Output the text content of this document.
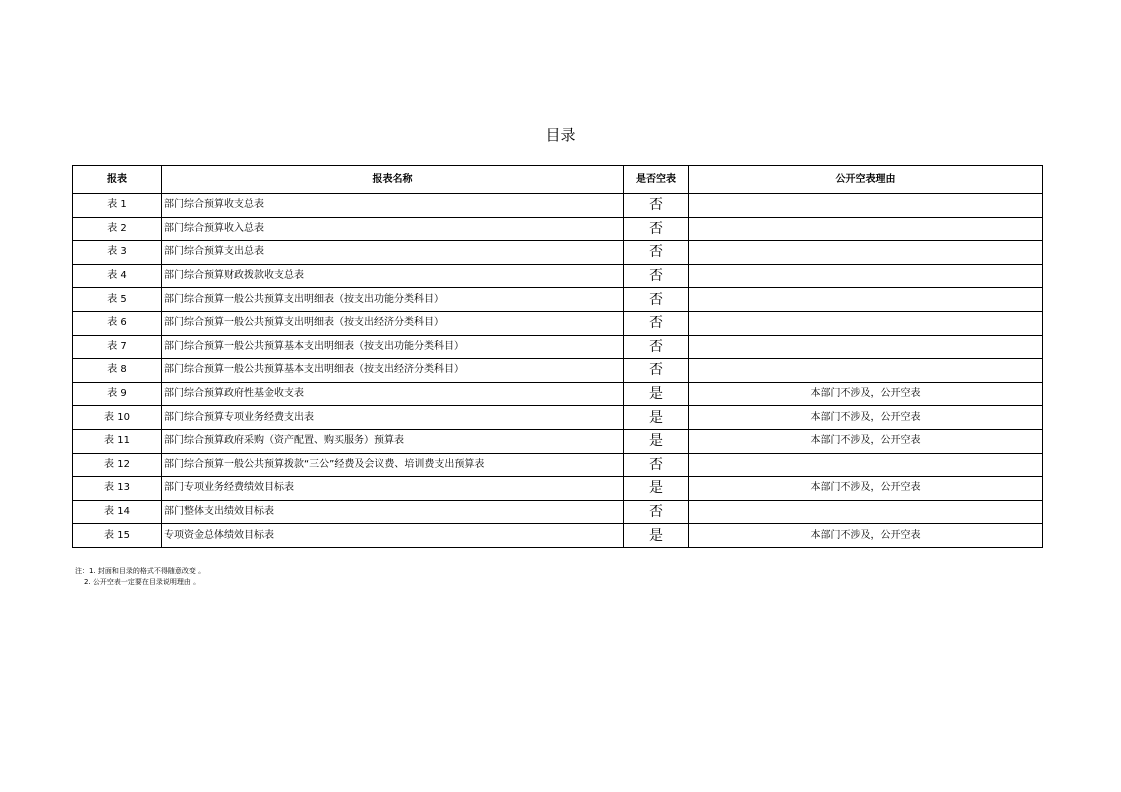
目录
报表	报表名称	是否空表	公开空表理由
表 1	部门综合预算收支总表	否	
表 2	部门综合预算收入总表	否	
表 3	部门综合预算支出总表	否	
表 4	部门综合预算财政拨款收支总表	否	
表 5	部门综合预算一般公共预算支出明细表（按支出功能分类科目）	否	
表 6	部门综合预算一般公共预算支出明细表（按支出经济分类科目）	否	
表 7	部门综合预算一般公共预算基本支出明细表（按支出功能分类科目）	否	
表 8	部门综合预算一般公共预算基本支出明细表（按支出经济分类科目）	否	
表 9	部门综合预算政府性基金收支表	是	本部门不涉及，公开空表
表 10	部门综合预算专项业务经费支出表	是	本部门不涉及，公开空表
表 11	部门综合预算政府采购（资产配置、购买服务）预算表	是	本部门不涉及，公开空表
表 12	部门综合预算一般公共预算拨款“三公”经费及会议费、培训费支出预算表	否	
表 13	部门专项业务经费绩效目标表	是	本部门不涉及，公开空表
表 14	部门整体支出绩效目标表	否	
表 15	专项资金总体绩效目标表	是	本部门不涉及，公开空表
注：1. 封面和目录的格式不得随意改变 。
2. 公开空表一定要在目录说明理由 。
